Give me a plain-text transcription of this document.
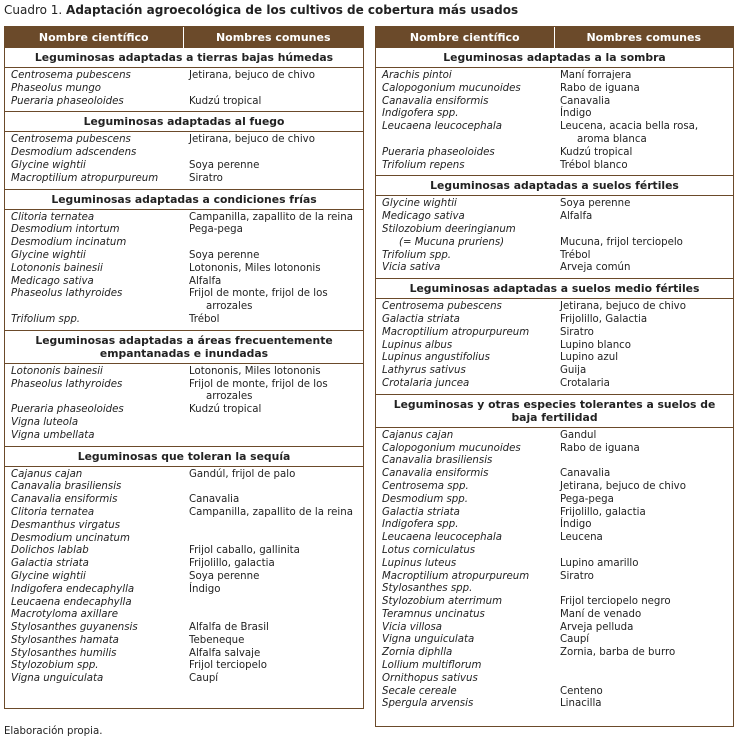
Cuadro 1. Adaptación agroecológica de los cultivos de cobertura más usados
Nombre científico	Nombres comunes
Leguminosas adaptadas a tierras bajas húmedas
Centrosema pubescens	Jetirana, bejuco de chivo
Phaseolus mungo
Pueraria phaseoloides	Kudzú tropical
Leguminosas adaptadas al fuego
Centrosema pubescens	Jetirana, bejuco de chivo
Desmodium adscendens
Glycine wightii	Soya perenne
Macroptilium atropurpureum	Siratro
Leguminosas adaptadas a condiciones frías
Clitoria ternatea	Campanilla, zapallito de la reina
Desmodium intortum	Pega-pega
Desmodium incinatum
Glycine wightii	Soya perenne
Lotononis bainesii	Lotononis, Miles lotononis
Medicago sativa	Alfalfa
Phaseolus lathyroides	Frijol de monte, frijol de los
arrozales
Trifolium spp.	Trébol
Leguminosas adaptadas a áreas frecuentemente empantanadas e inundadas
Lotononis bainesii	Lotononis, Miles lotononis
Phaseolus lathyroides	Frijol de monte, frijol de los
arrozales
Pueraria phaseoloides	Kudzú tropical
Vigna luteola
Vigna umbellata
Leguminosas que toleran la sequía
Cajanus cajan	Gandúl, frijol de palo
Canavalia brasiliensis
Canavalia ensiformis	Canavalia
Clitoria ternatea	Campanilla, zapallito de la reina
Desmanthus virgatus
Desmodium uncinatum
Dolichos lablab	Frijol caballo, gallinita
Galactia striata	Frijolillo, galactia
Glycine wightii	Soya perenne
Indigofera endecaphylla	Índigo
Leucaena endecaphylla
Macrotyloma axillare
Stylosanthes guyanensis	Alfalfa de Brasil
Stylosanthes hamata	Tebeneque
Stylosanthes humilis	Alfalfa salvaje
Stylozobium spp.	Frijol terciopelo
Vigna unguiculata	Caupí
Nombre científico	Nombres comunes
Leguminosas adaptadas a la sombra
Arachis pintoi	Maní forrajera
Calopogonium mucunoides	Rabo de iguana
Canavalia ensiformis	Canavalia
Indigofera spp.	Índigo
Leucaena leucocephala	Leucena, acacia bella rosa,
aroma blanca
Pueraria phaseoloides	Kudzú tropical
Trifolium repens	Trébol blanco
Leguminosas adaptadas a suelos fértiles
Glycine wightii	Soya perenne
Medicago sativa	Alfalfa
Stilozobium deeringianum
(= Mucuna pruriens)	Mucuna, frijol terciopelo
Trifolium spp.	Trébol
Vicia sativa	Arveja común
Leguminosas adaptadas a suelos medio fértiles
Centrosema pubescens	Jetirana, bejuco de chivo
Galactia striata	Frijolillo, Galactia
Macroptilium atropurpureum	Siratro
Lupinus albus	Lupino blanco
Lupinus angustifolius	Lupino azul
Lathyrus sativus	Guija
Crotalaria juncea	Crotalaria
Leguminosas y otras especies tolerantes a suelos de baja fertilidad
Cajanus cajan	Gandul
Calopogonium mucunoides	Rabo de iguana
Canavalia brasiliensis
Canavalia ensiformis	Canavalia
Centrosema spp.	Jetirana, bejuco de chivo
Desmodium spp.	Pega-pega
Galactia striata	Frijolillo, galactia
Indigofera spp.	Índigo
Leucaena leucocephala	Leucena
Lotus corniculatus
Lupinus luteus	Lupino amarillo
Macroptilium atropurpureum	Siratro
Stylosanthes spp.
Stylozobium aterrimum	Frijol terciopelo negro
Teramnus uncinatus	Maní de venado
Vicia villosa	Arveja pelluda
Vigna unguiculata	Caupí
Zornia diphlla	Zornia, barba de burro
Lollium multiflorum
Ornithopus sativus
Secale cereale	Centeno
Spergula arvensis	Linacilla
Elaboración propia.
